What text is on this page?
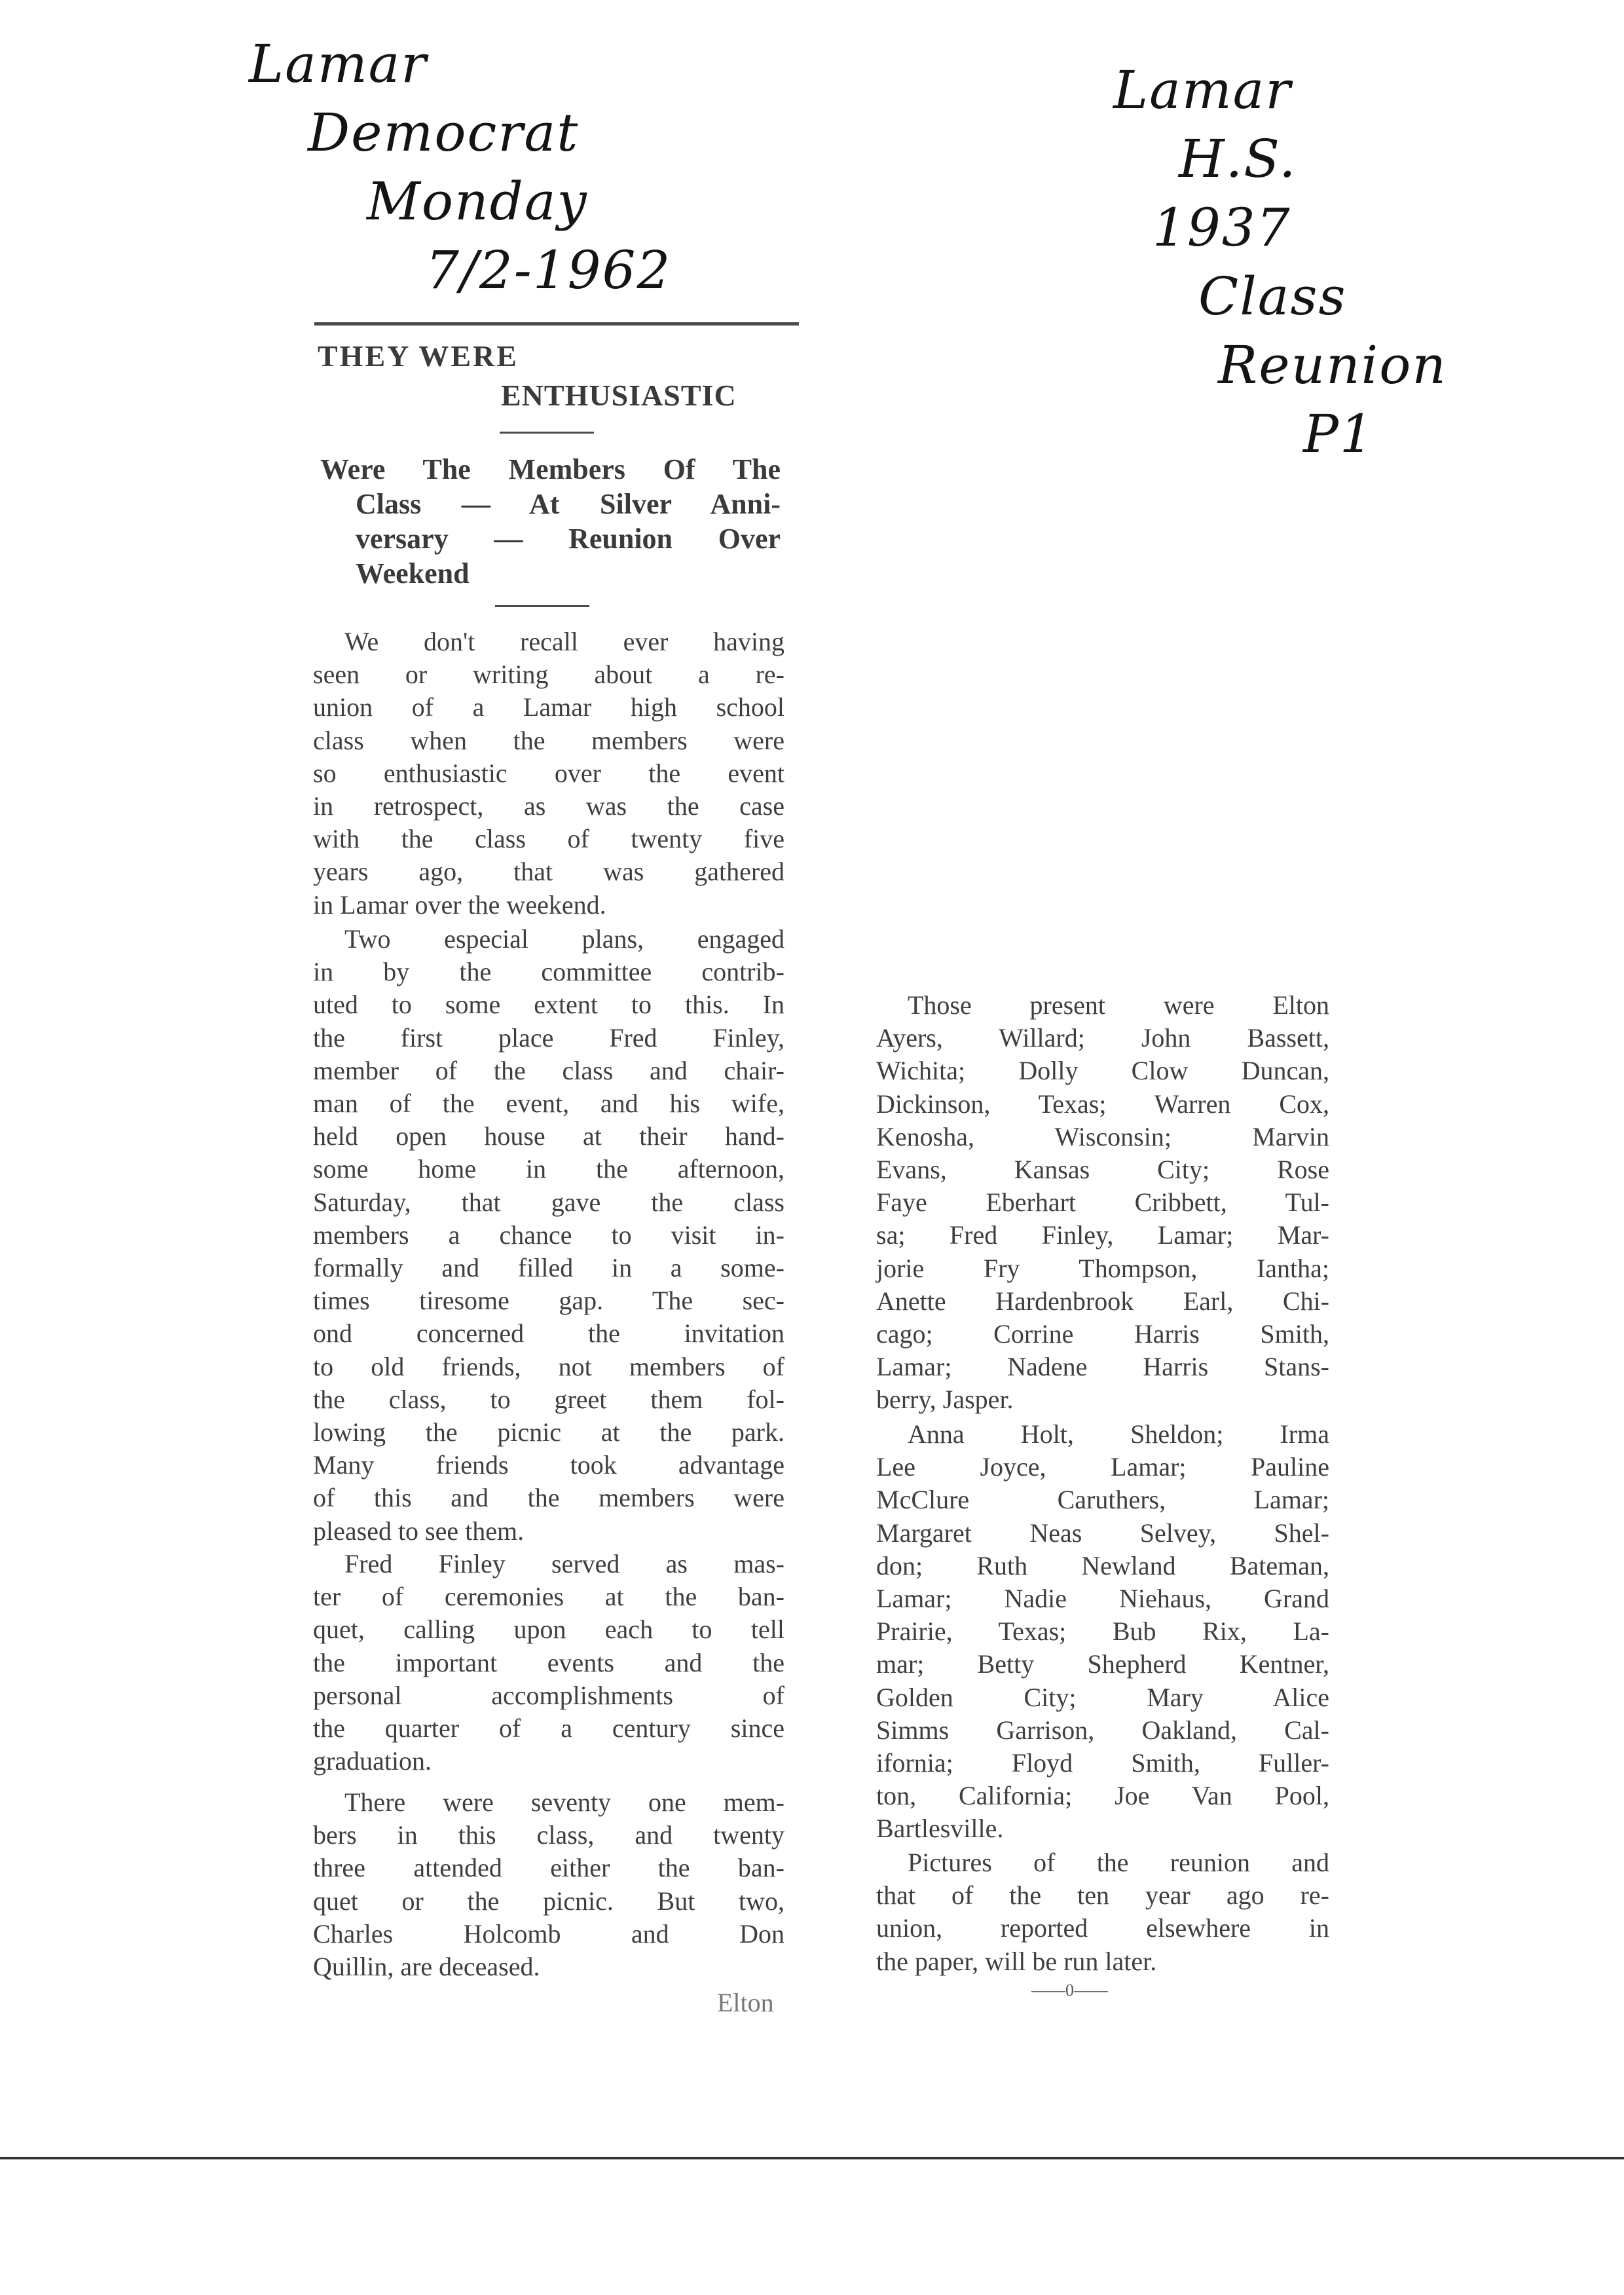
Lamar
Democrat
Monday
7/2-1962
Lamar
H.S.
1937
Class
Reunion
P1
THEY WERE
ENTHUSIASTIC
Were The Members Of The
Class — At Silver Anni-
versary — Reunion Over
Weekend
We don't recall ever having
seen or writing about a re-
union of a Lamar high school
class when the members were
so enthusiastic over the event
in retrospect, as was the case
with the class of twenty five
years ago, that was gathered
in Lamar over the weekend.
Two especial plans, engaged
in by the committee contrib-
uted to some extent to this. In
the first place Fred Finley,
member of the class and chair-
man of the event, and his wife,
held open house at their hand-
some home in the afternoon,
Saturday, that gave the class
members a chance to visit in-
formally and filled in a some-
times tiresome gap. The sec-
ond concerned the invitation
to old friends, not members of
the class, to greet them fol-
lowing the picnic at the park.
Many friends took advantage
of this and the members were
pleased to see them.
Fred Finley served as mas-
ter of ceremonies at the ban-
quet, calling upon each to tell
the important events and the
personal accomplishments of
the quarter of a century since
graduation.
There were seventy one mem-
bers in this class, and twenty
three attended either the ban-
quet or the picnic. But two,
Charles Holcomb and Don
Quillin, are deceased.
Elton
Those present were Elton
Ayers, Willard; John Bassett,
Wichita; Dolly Clow Duncan,
Dickinson, Texas; Warren Cox,
Kenosha, Wisconsin; Marvin
Evans, Kansas City; Rose
Faye Eberhart Cribbett, Tul-
sa; Fred Finley, Lamar; Mar-
jorie Fry Thompson, Iantha;
Anette Hardenbrook Earl, Chi-
cago; Corrine Harris Smith,
Lamar; Nadene Harris Stans-
berry, Jasper.
Anna Holt, Sheldon; Irma
Lee Joyce, Lamar; Pauline
McClure Caruthers, Lamar;
Margaret Neas Selvey, Shel-
don; Ruth Newland Bateman,
Lamar; Nadie Niehaus, Grand
Prairie, Texas; Bub Rix, La-
mar; Betty Shepherd Kentner,
Golden City; Mary Alice
Simms Garrison, Oakland, Cal-
ifornia; Floyd Smith, Fuller-
ton, California; Joe Van Pool,
Bartlesville.
Pictures of the reunion and
that of the ten year ago re-
union, reported elsewhere in
the paper, will be run later.
——0——
